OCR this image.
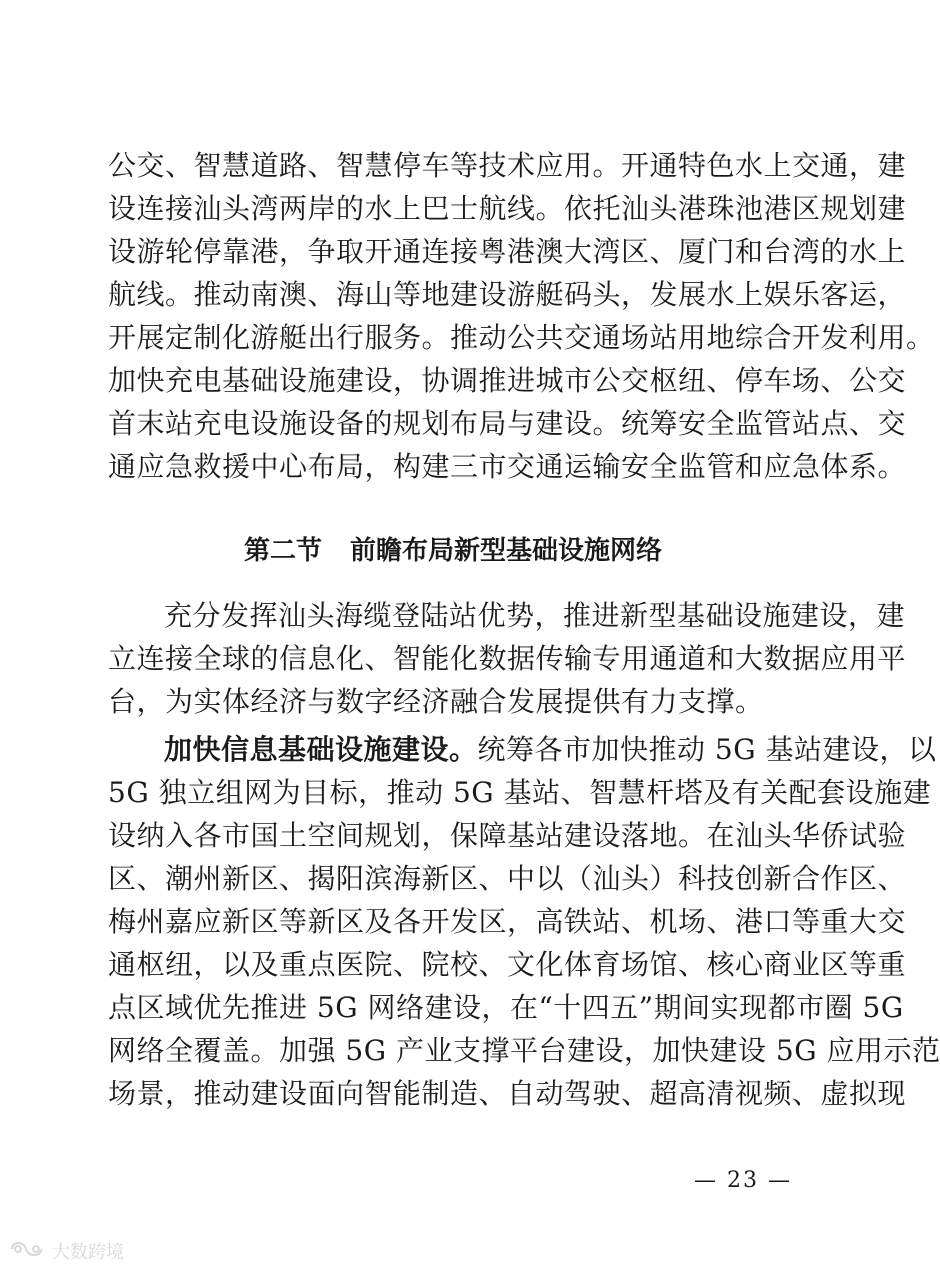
公交、智慧道路、智慧停车等技术应用。开通特色水上交通，建
设连接汕头湾两岸的水上巴士航线。依托汕头港珠池港区规划建
设游轮停靠港，争取开通连接粤港澳大湾区、厦门和台湾的水上
航线。推动南澳、海山等地建设游艇码头，发展水上娱乐客运，
开展定制化游艇出行服务。推动公共交通场站用地综合开发利用。
加快充电基础设施建设，协调推进城市公交枢纽、停车场、公交
首末站充电设施设备的规划布局与建设。统筹安全监管站点、交
通应急救援中心布局，构建三市交通运输安全监管和应急体系。
第二节 前瞻布局新型基础设施网络
充分发挥汕头海缆登陆站优势，推进新型基础设施建设，建
立连接全球的信息化、智能化数据传输专用通道和大数据应用平
台，为实体经济与数字经济融合发展提供有力支撑。
加快信息基础设施建设。统筹各市加快推动 5G 基站建设，以
5G 独立组网为目标，推动 5G 基站、智慧杆塔及有关配套设施建
设纳入各市国土空间规划，保障基站建设落地。在汕头华侨试验
区、潮州新区、揭阳滨海新区、中以（汕头）科技创新合作区、
梅州嘉应新区等新区及各开发区，高铁站、机场、港口等重大交
通枢纽，以及重点医院、院校、文化体育场馆、核心商业区等重
点区域优先推进 5G 网络建设，在“十四五”期间实现都市圈 5G
网络全覆盖。加强 5G 产业支撑平台建设，加快建设 5G 应用示范
场景，推动建设面向智能制造、自动驾驶、超高清视频、虚拟现
— 23 —
大数跨境
